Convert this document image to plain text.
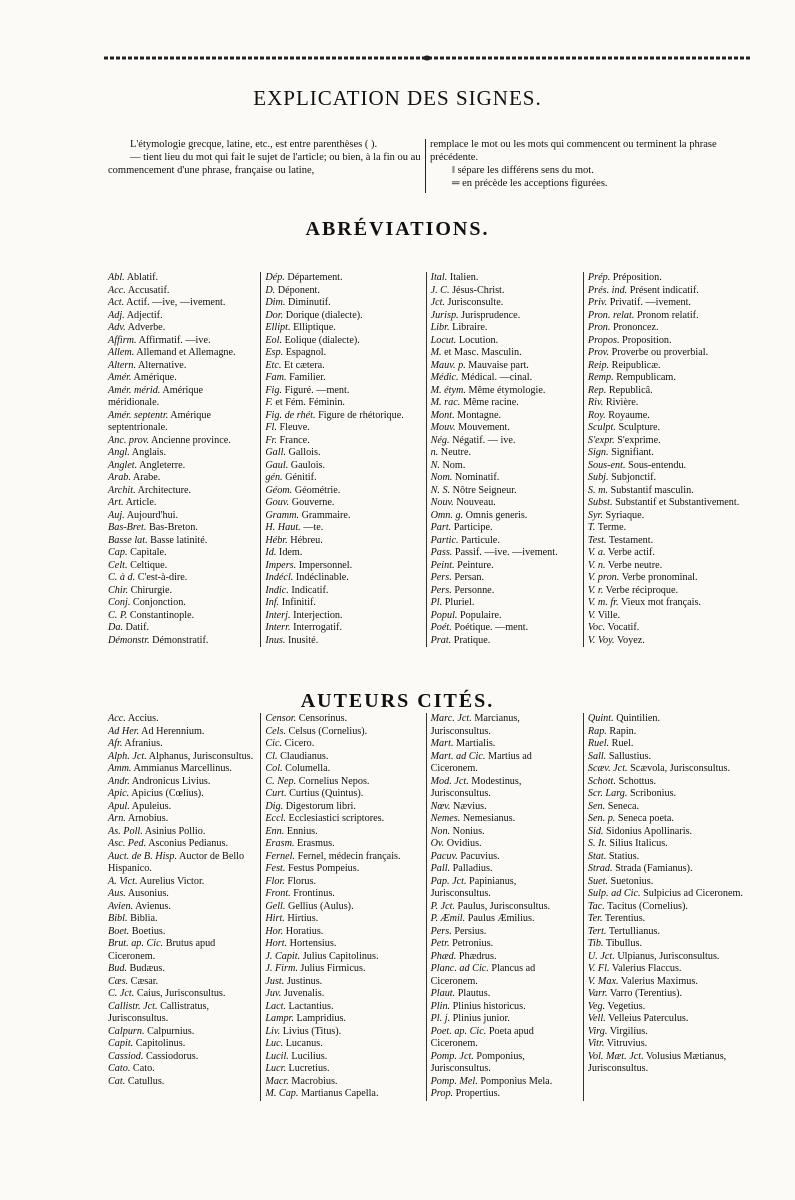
EXPLICATION DES SIGNES.
L'étymologie grecque, latine, etc., est entre parenthèses ( ).
— tient lieu du mot qui fait le sujet de l'article; ou bien, à la fin ou au commencement d'une phrase, française ou latine,
remplace le mot ou les mots qui commencent ou terminent la phrase précédente.
‖ sépare les différens sens du mot.
═ en précède les acceptions figurées.
ABRÉVIATIONS.
Abl. Ablatif.
Acc. Accusatif.
Act. Actif. —ive, —ivement.
Adj. Adjectif.
Adv. Adverbe.
Affirm. Affirmatif. —ive.
Allem. Allemand et Allemagne.
Altern. Alternative.
Amér. Amérique.
Amér. mérid. Amérique méridionale.
Amér. septentr. Amérique septentrionale.
Anc. prov. Ancienne province.
Angl. Anglais.
Anglet. Angleterre.
Arab. Arabe.
Archit. Architecture.
Art. Article.
Auj. Aujourd'hui.
Bas-Bret. Bas-Breton.
Basse lat. Basse latinité.
Cap. Capitale.
Celt. Celtique.
C. à d. C'est-à-dire.
Chir. Chirurgie.
Conj. Conjonction.
C. P. Constantinople.
Da. Datif.
Démonstr. Démonstratif.
Dép. Département.
D. Déponent.
Dim. Diminutif.
Dor. Dorique (dialecte).
Ellipt. Elliptique.
Eol. Eolique (dialecte).
Esp. Espagnol.
Etc. Et cætera.
Fam. Familier.
Fig. Figuré. —ment.
F. et Fém. Féminin.
Fig. de rhét. Figure de rhétorique.
Fl. Fleuve.
Fr. France.
Gall. Gallois.
Gaul. Gaulois.
gén. Génitif.
Géom. Géométrie.
Gouv. Gouverne.
Gramm. Grammaire.
H. Haut. —te.
Hébr. Hébreu.
Id. Idem.
Impers. Impersonnel.
Indécl. Indéclinable.
Indic. Indicatif.
Inf. Infinitif.
Interj. Interjection.
Interr. Interrogatif.
Inus. Inusité.
Ital. Italien.
J. C. Jésus-Christ.
Jct. Jurisconsulte.
Jurisp. Jurisprudence.
Libr. Libraire.
Locut. Locution.
M. et Masc. Masculin.
Mauv. p. Mauvaise part.
Médic. Médical. —cinal.
M. étym. Même étymologie.
M. rac. Même racine.
Mont. Montagne.
Mouv. Mouvement.
Nég. Négatif. — ive.
n. Neutre.
N. Nom.
Nom. Nominatif.
N. S. Nôtre Seigneur.
Nouv. Nouveau.
Omn. g. Omnis generis.
Part. Participe.
Partic. Particule.
Pass. Passif. —ive. —ivement.
Peint. Peinture.
Pers. Persan.
Pers. Personne.
Pl. Pluriel.
Popul. Populaire.
Poét. Poétique. —ment.
Prat. Pratique.
Prép. Préposition.
Prés. ind. Présent indicatif.
Priv. Privatif. —ivement.
Pron. relat. Pronom relatif.
Pron. Prononcez.
Propos. Proposition.
Prov. Proverbe ou proverbial.
Reip. Reipublicæ.
Remp. Rempublicam.
Rep. Republicâ.
Riv. Rivière.
Roy. Royaume.
Sculpt. Sculpture.
S'expr. S'exprime.
Sign. Signifiant.
Sous-ent. Sous-entendu.
Subj. Subjonctif.
S. m. Substantif masculin.
Subst. Substantif et Substantivement.
Syr. Syriaque.
T. Terme.
Test. Testament.
V. a. Verbe actif.
V. n. Verbe neutre.
V. pron. Verbe pronominal.
V. r. Verbe réciproque.
V. m. fr. Vieux mot français.
V. Ville.
Voc. Vocatif.
V. Voy. Voyez.
AUTEURS CITÉS.
Acc. Accius.
Ad Her. Ad Herennium.
Afr. Afranius.
Alph. Jct. Alphanus, Jurisconsultus.
Amm. Ammianus Marcellinus.
Andr. Andronicus Livius.
Apic. Apicius (Cœlius).
Apul. Apuleius.
Arn. Arnobius.
As. Poll. Asinius Pollio.
Asc. Ped. Asconius Pedianus.
Auct. de B. Hisp. Auctor de Bello Hispanico.
A. Vict. Aurelius Victor.
Aus. Ausonius.
Avien. Avienus.
Bibl. Biblia.
Boet. Boetius.
Brut. ap. Cic. Brutus apud Ciceronem.
Bud. Budæus.
Cæs. Cæsar.
C. Jct. Caius, Jurisconsultus.
Callistr. Jct. Callistratus, Jurisconsultus.
Calpurn. Calpurnius.
Capit. Capitolinus.
Cassiod. Cassiodorus.
Cato. Cato.
Cat. Catullus.
Censor. Censorinus.
Cels. Celsus (Cornelius).
Cic. Cicero.
Cl. Claudianus.
Col. Columella.
C. Nep. Cornelius Nepos.
Curt. Curtius (Quintus).
Dig. Digestorum libri.
Eccl. Ecclesiastici scriptores.
Enn. Ennius.
Erasm. Erasmus.
Fernel. Fernel, médecin français.
Fest. Festus Pompeius.
Flor. Florus.
Front. Frontinus.
Gell. Gellius (Aulus).
Hirt. Hirtius.
Hor. Horatius.
Hort. Hortensius.
J. Capit. Julius Capitolinus.
J. Firm. Julius Firmicus.
Just. Justinus.
Juv. Juvenalis.
Lact. Lactantius.
Lampr. Lampridius.
Liv. Livius (Titus).
Luc. Lucanus.
Lucil. Lucilius.
Lucr. Lucretius.
Macr. Macrobius.
M. Cap. Martianus Capella.
Marc. Jct. Marcianus, Jurisconsultus.
Mart. Martialis.
Mart. ad Cic. Martius ad Ciceronem.
Mod. Jct. Modestinus, Jurisconsultus.
Nœv. Nævius.
Nemes. Nemesianus.
Non. Nonius.
Ov. Ovidius.
Pacuv. Pacuvius.
Pall. Palladius.
Pap. Jct. Papinianus, Jurisconsultus.
P. Jct. Paulus, Jurisconsultus.
P. Æmil. Paulus Æmilius.
Pers. Persius.
Petr. Petronius.
Phæd. Phædrus.
Planc. ad Cic. Plancus ad Ciceronem.
Plaut. Plautus.
Plin. Plinius historicus.
Pl. j. Plinius junior.
Poet. ap. Cic. Poeta apud Ciceronem.
Pomp. Jct. Pomponius, Jurisconsultus.
Pomp. Mel. Pomponius Mela.
Prop. Propertius.
Quint. Quintilien.
Rap. Rapin.
Ruel. Ruel.
Sall. Sallustius.
Scæv. Jct. Scævola, Jurisconsultus.
Schott. Schottus.
Scr. Larg. Scribonius.
Sen. Seneca.
Sen. p. Seneca poeta.
Sid. Sidonius Apollinaris.
S. It. Silius Italicus.
Stat. Statius.
Strad. Strada (Famianus).
Suet. Suetonius.
Sulp. ad Cic. Sulpicius ad Ciceronem.
Tac. Tacitus (Cornelius).
Ter. Terentius.
Tert. Tertullianus.
Tib. Tibullus.
U. Jct. Ulpianus, Jurisconsultus.
V. Fl. Valerius Flaccus.
V. Max. Valerius Maximus.
Varr. Varro (Terentius).
Veg. Vegetius.
Vell. Velleius Paterculus.
Virg. Virgilius.
Vitr. Vitruvius.
Vol. Mæt. Jct. Volusius Mætianus, Jurisconsultus.
